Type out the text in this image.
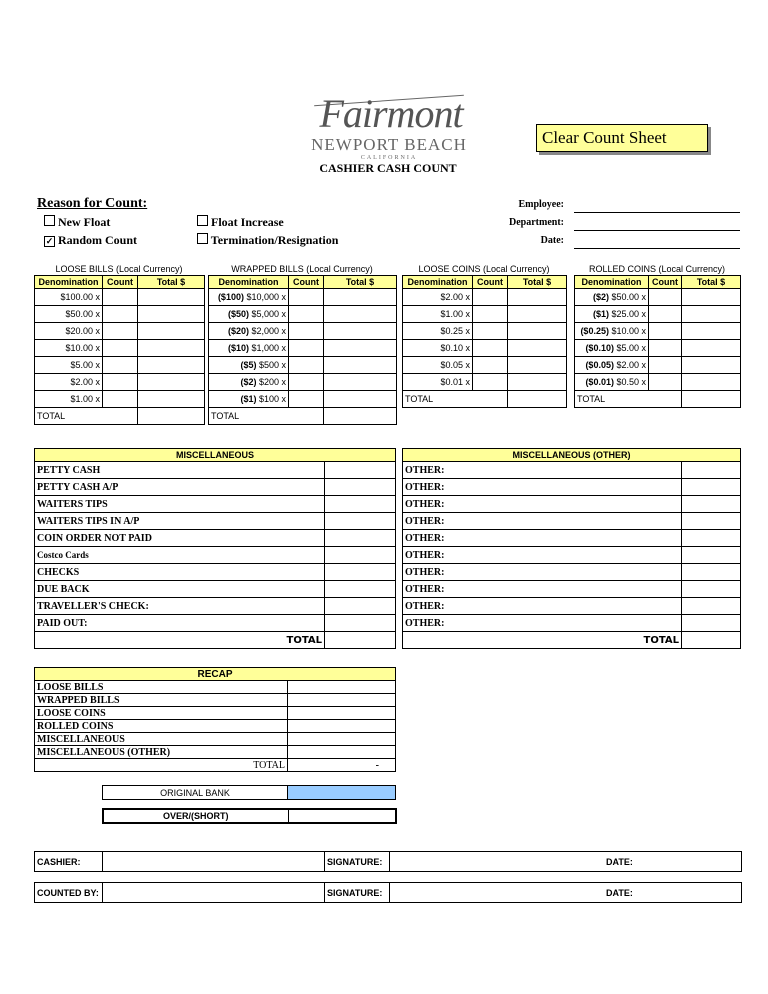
Fairmont
NEWPORT BEACH
CALIFORNIA
CASHIER CASH COUNT
Clear Count Sheet
Reason for Count:
New Float	Float Increase
✓ Random Count	Termination/Resignation
Employee:
Department:
Date:
LOOSE BILLS (Local Currency)	WRAPPED BILLS (Local Currency)	LOOSE COINS (Local Currency)	ROLLED COINS (Local Currency)
Denomination	Count	Total $
$100.00 x		
$50.00 x		
$20.00 x		
$10.00 x		
$5.00 x		
$2.00 x		
$1.00 x		
TOTAL		
Denomination	Count	Total $
($100) $10,000 x		
($50) $5,000 x		
($20) $2,000 x		
($10) $1,000 x		
($5) $500 x		
($2) $200 x		
($1) $100 x		
TOTAL		
Denomination	Count	Total $
$2.00 x		
$1.00 x		
$0.25 x		
$0.10 x		
$0.05 x		
$0.01 x		
TOTAL		
Denomination	Count	Total $
($2) $50.00 x		
($1) $25.00 x		
($0.25) $10.00 x		
($0.10) $5.00 x		
($0.05) $2.00 x		
($0.01) $0.50 x		
TOTAL		
MISCELLANEOUS	
PETTY CASH	
PETTY CASH A/P	
WAITERS TIPS	
WAITERS TIPS IN A/P	
COIN ORDER NOT PAID	
Costco Cards	
CHECKS	
DUE BACK	
TRAVELLER'S CHECK:	
PAID OUT:	
TOTAL	
MISCELLANEOUS (OTHER)	
OTHER:	
OTHER:	
OTHER:	
OTHER:	
OTHER:	
OTHER:	
OTHER:	
OTHER:	
OTHER:	
OTHER:	
TOTAL	
RECAP	
LOOSE BILLS	
WRAPPED BILLS	
LOOSE COINS	
ROLLED COINS	
MISCELLANEOUS	
MISCELLANEOUS (OTHER)	
TOTAL	-
ORIGINAL BANK	
OVER/(SHORT)	
CASHIER:		SIGNATURE:	DATE:
COUNTED BY:		SIGNATURE:	DATE:
